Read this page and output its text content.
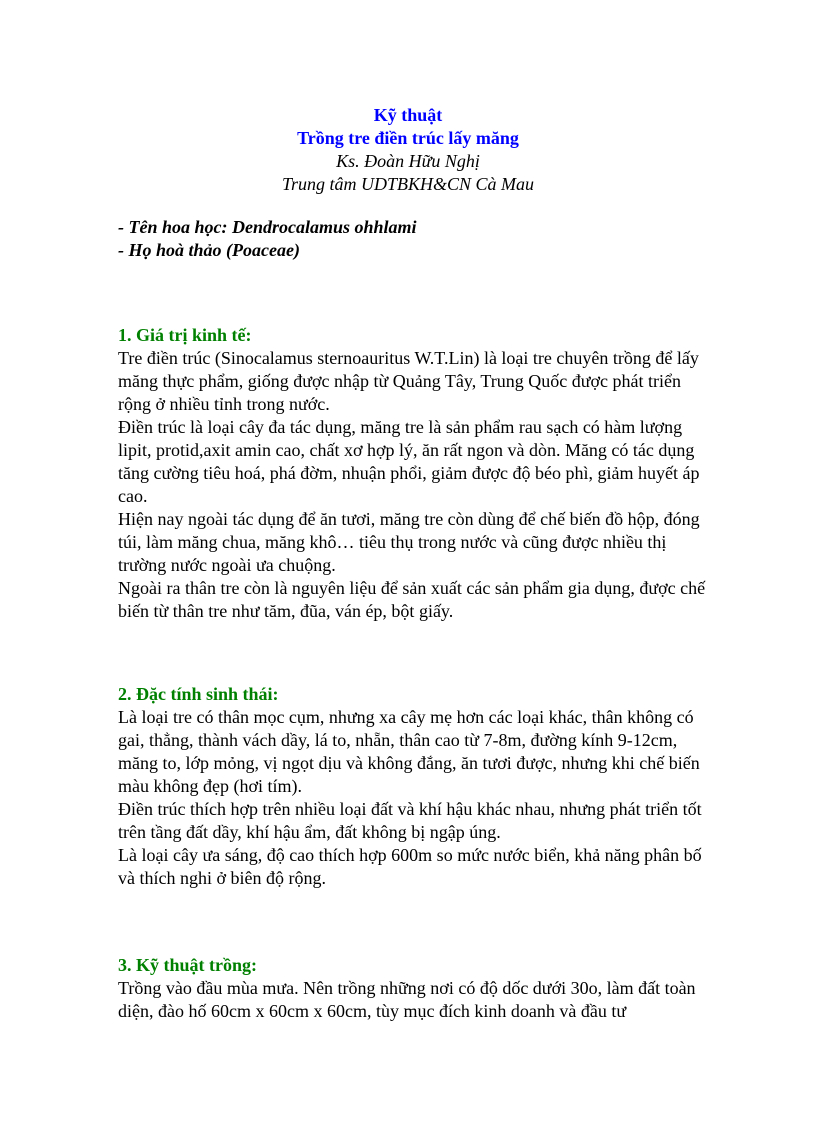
Kỹ thuật
Trồng tre điền trúc lấy măng
Ks. Đoàn Hữu Nghị
Trung tâm UDTBKH&CN Cà Mau
- Tên hoa học: Dendrocalamus ohhlami
- Họ hoà thảo (Poaceae)
1. Giá trị kinh tế:

Tre điền trúc (Sinocalamus sternoauritus W.T.Lin) là loại tre chuyên trồng để lấy măng thực phẩm, giống được nhập từ Quảng Tây, Trung Quốc được phát triển rộng ở nhiều tỉnh trong nước.

Điền trúc là loại cây đa tác dụng, măng tre là sản phẩm rau sạch có hàm lượng lipit, protid,axit amin cao, chất xơ hợp lý, ăn rất ngon và dòn. Măng có tác dụng tăng cường tiêu hoá, phá đờm, nhuận phổi, giảm được độ béo phì, giảm huyết áp cao.

Hiện nay ngoài tác dụng để ăn tươi, măng tre còn dùng để chế biến đồ hộp, đóng túi, làm măng chua, măng khô… tiêu thụ trong nước và cũng được nhiều thị trường nước ngoài ưa chuộng.

Ngoài ra thân tre còn là nguyên liệu để sản xuất các sản phẩm gia dụng, được chế biến từ thân tre như tăm, đũa, ván ép, bột giấy.

2. Đặc tính sinh thái:

Là loại tre có thân mọc cụm, nhưng xa cây mẹ hơn các loại khác, thân không có gai, thẳng, thành vách dầy, lá to, nhẵn, thân cao từ 7-8m, đường kính 9-12cm, măng to, lớp mỏng, vị ngọt dịu và không đắng, ăn tươi được, nhưng khi chế biến màu không đẹp (hơi tím).

Điền trúc thích hợp trên nhiều loại đất và khí hậu khác nhau, nhưng phát triển tốt trên tầng đất dầy, khí hậu ẩm, đất không bị ngập úng.

Là loại cây ưa sáng, độ cao thích hợp 600m so mức nước biển, khả năng phân bố và thích nghi ở biên độ rộng.

3. Kỹ thuật trồng:

Trồng vào đầu mùa mưa. Nên trồng những nơi có độ dốc dưới 30o, làm đất toàn diện, đào hố 60cm x 60cm x 60cm, tùy mục đích kinh doanh và đầu tư
